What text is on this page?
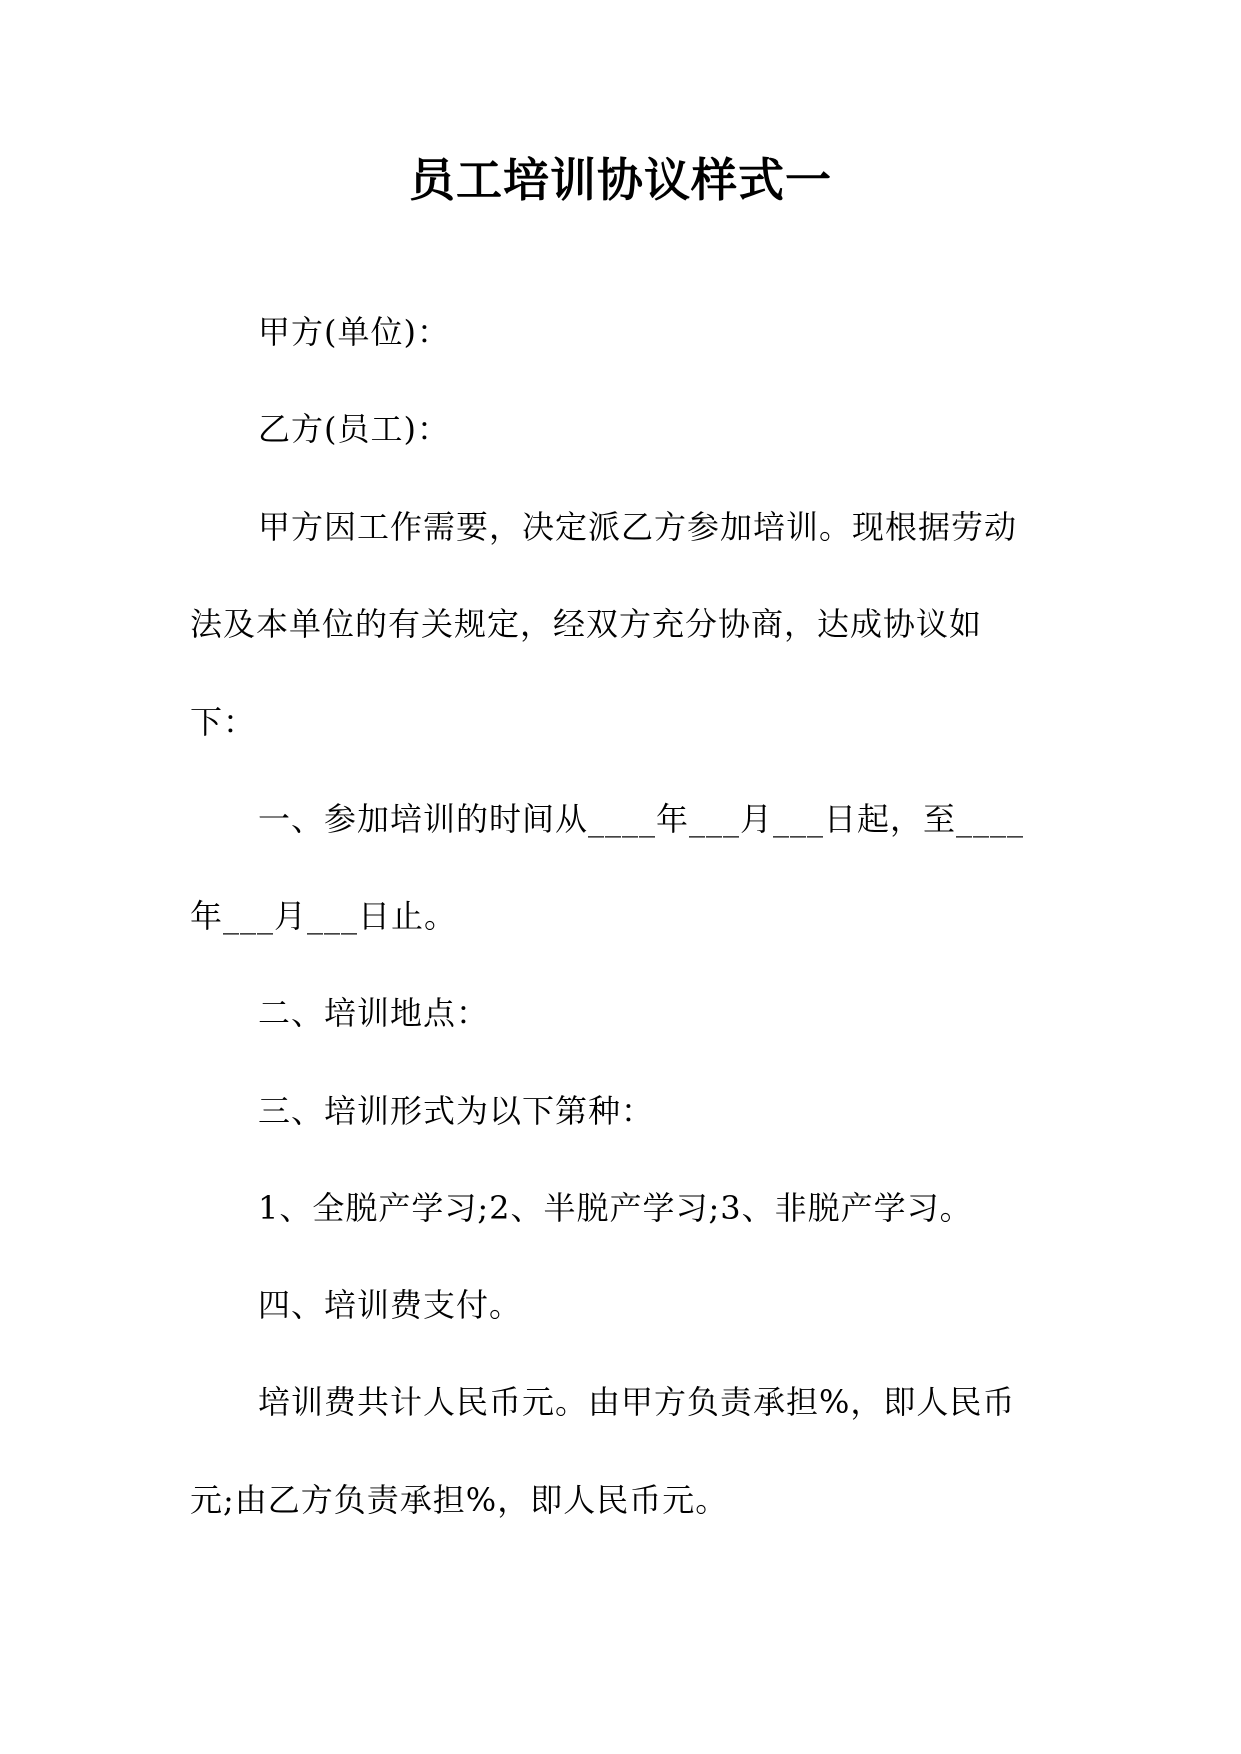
员工培训协议样式一
甲方(单位)：
乙方(员工)：
甲方因工作需要，决定派乙方参加培训。现根据劳动
法及本单位的有关规定，经双方充分协商，达成协议如
下：
一、参加培训的时间从____年___月___日起，至____
年___月___日止。
二、培训地点：
三、培训形式为以下第种：
1、全脱产学习;2、半脱产学习;3、非脱产学习。
四、培训费支付。
培训费共计人民币元。由甲方负责承担%，即人民币
元;由乙方负责承担%，即人民币元。
